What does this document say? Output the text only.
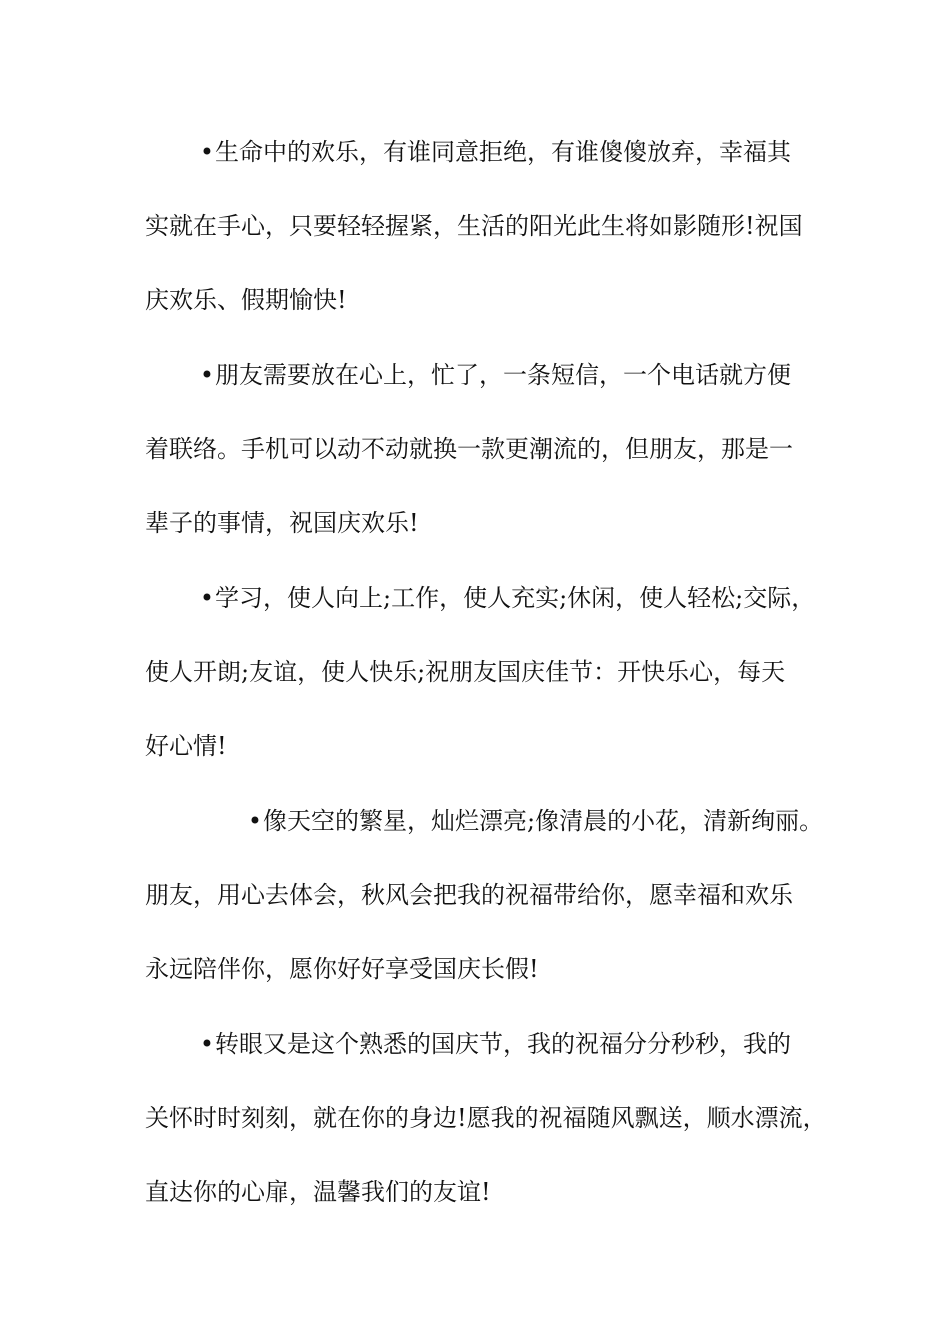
•生命中的欢乐，有谁同意拒绝，有谁傻傻放弃，幸福其

实就在手心，只要轻轻握紧，生活的阳光此生将如影随形!祝国

庆欢乐、假期愉快!

•朋友需要放在心上，忙了，一条短信，一个电话就方便

着联络。手机可以动不动就换一款更潮流的，但朋友，那是一

辈子的事情，祝国庆欢乐!

•学习，使人向上;工作，使人充实;休闲，使人轻松;交际，

使人开朗;友谊，使人快乐;祝朋友国庆佳节：开快乐心，每天

好心情!

•像天空的繁星，灿烂漂亮;像清晨的小花，清新绚丽。

朋友，用心去体会，秋风会把我的祝福带给你，愿幸福和欢乐

永远陪伴你，愿你好好享受国庆长假!

•转眼又是这个熟悉的国庆节，我的祝福分分秒秒，我的

关怀时时刻刻，就在你的身边!愿我的祝福随风飘送，顺水漂流，

直达你的心扉，温馨我们的友谊!
